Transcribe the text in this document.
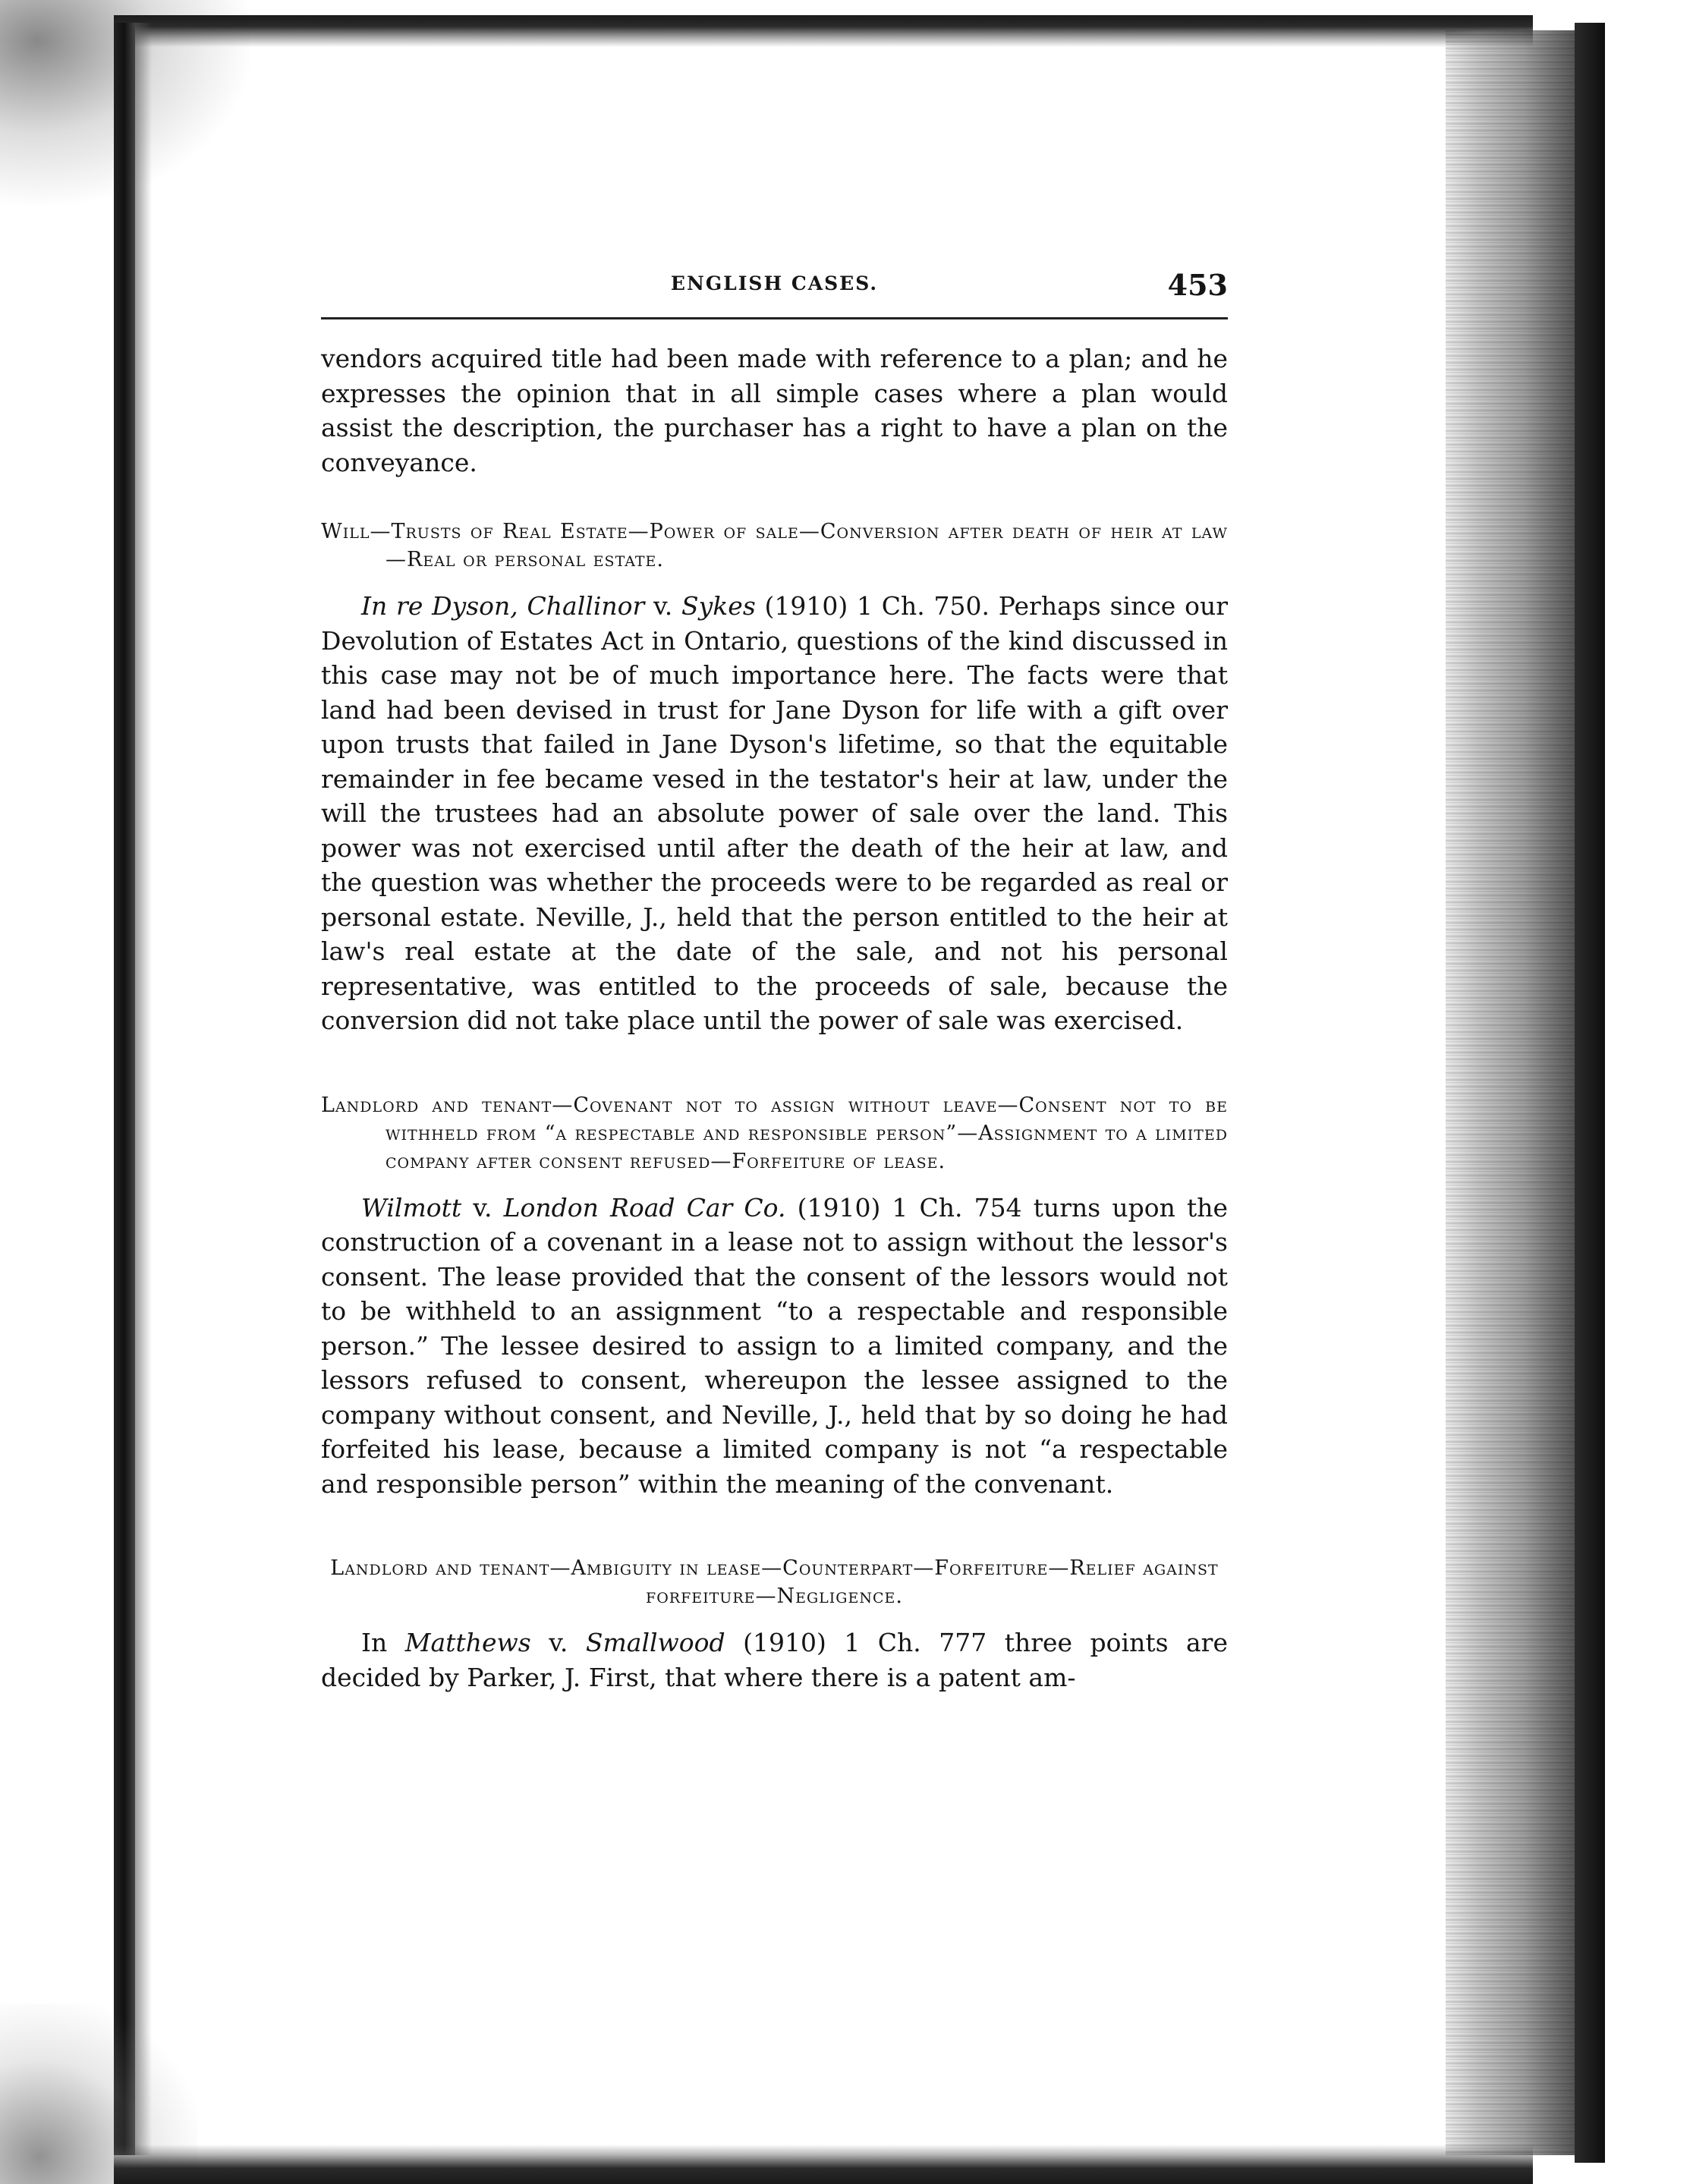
ENGLISH CASES.	453

vendors acquired title had been made with reference to a plan; and he expresses the opinion that in all simple cases where a plan would assist the description, the purchaser has a right to have a plan on the conveyance.

Will—Trusts of Real Estate—Power of sale—Conversion after death of heir at law—Real or personal estate.

In re Dyson, Challinor v. Sykes (1910) 1 Ch. 750. Perhaps since our Devolution of Estates Act in Ontario, questions of the kind discussed in this case may not be of much importance here. The facts were that land had been devised in trust for Jane Dyson for life with a gift over upon trusts that failed in Jane Dyson's lifetime, so that the equitable remainder in fee became vesed in the testator's heir at law, under the will the trustees had an absolute power of sale over the land. This power was not exercised until after the death of the heir at law, and the question was whether the proceeds were to be regarded as real or personal estate. Neville, J., held that the person entitled to the heir at law's real estate at the date of the sale, and not his personal representative, was entitled to the proceeds of sale, because the conversion did not take place until the power of sale was exercised.

Landlord and tenant—Covenant not to assign without leave—Consent not to be withheld from “a respectable and responsible person”—Assignment to a limited company after consent refused—Forfeiture of lease.

Wilmott v. London Road Car Co. (1910) 1 Ch. 754 turns upon the construction of a covenant in a lease not to assign without the lessor's consent. The lease provided that the consent of the lessors would not to be withheld to an assignment “to a respectable and responsible person.” The lessee desired to assign to a limited company, and the lessors refused to consent, whereupon the lessee assigned to the company without consent, and Neville, J., held that by so doing he had forfeited his lease, because a limited company is not “a respectable and responsible person” within the meaning of the convenant.

Landlord and tenant—Ambiguity in lease—Counterpart—Forfeiture—Relief against forfeiture—Negligence.

In Matthews v. Smallwood (1910) 1 Ch. 777 three points are decided by Parker, J. First, that where there is a patent am-
